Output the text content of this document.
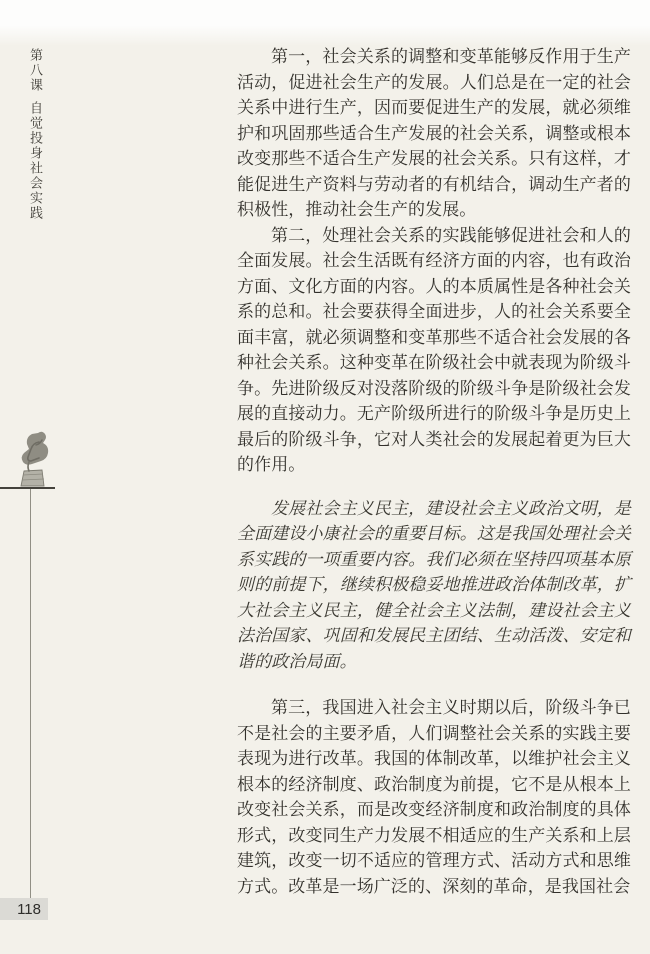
第八课
自觉投身社会实践
118

第一，社会关系的调整和变革能够反作用于生产活动，促进社会生产的发展。人们总是在一定的社会关系中进行生产，因而要促进生产的发展，就必须维护和巩固那些适合生产发展的社会关系，调整或根本改变那些不适合生产发展的社会关系。只有这样，才能促进生产资料与劳动者的有机结合，调动生产者的积极性，推动社会生产的发展。

第二，处理社会关系的实践能够促进社会和人的全面发展。社会生活既有经济方面的内容，也有政治方面、文化方面的内容。人的本质属性是各种社会关系的总和。社会要获得全面进步，人的社会关系要全面丰富，就必须调整和变革那些不适合社会发展的各种社会关系。这种变革在阶级社会中就表现为阶级斗争。先进阶级反对没落阶级的阶级斗争是阶级社会发展的直接动力。无产阶级所进行的阶级斗争是历史上最后的阶级斗争，它对人类社会的发展起着更为巨大的作用。

发展社会主义民主，建设社会主义政治文明，是全面建设小康社会的重要目标。这是我国处理社会关系实践的一项重要内容。我们必须在坚持四项基本原则的前提下，继续积极稳妥地推进政治体制改革，扩大社会主义民主，健全社会主义法制，建设社会主义法治国家、巩固和发展民主团结、生动活泼、安定和谐的政治局面。

第三，我国进入社会主义时期以后，阶级斗争已不是社会的主要矛盾，人们调整社会关系的实践主要表现为进行改革。我国的体制改革，以维护社会主义根本的经济制度、政治制度为前提，它不是从根本上改变社会关系，而是改变经济制度和政治制度的具体形式，改变同生产力发展不相适应的生产关系和上层建筑，改变一切不适应的管理方式、活动方式和思维方式。改革是一场广泛的、深刻的革命，是我国社会
